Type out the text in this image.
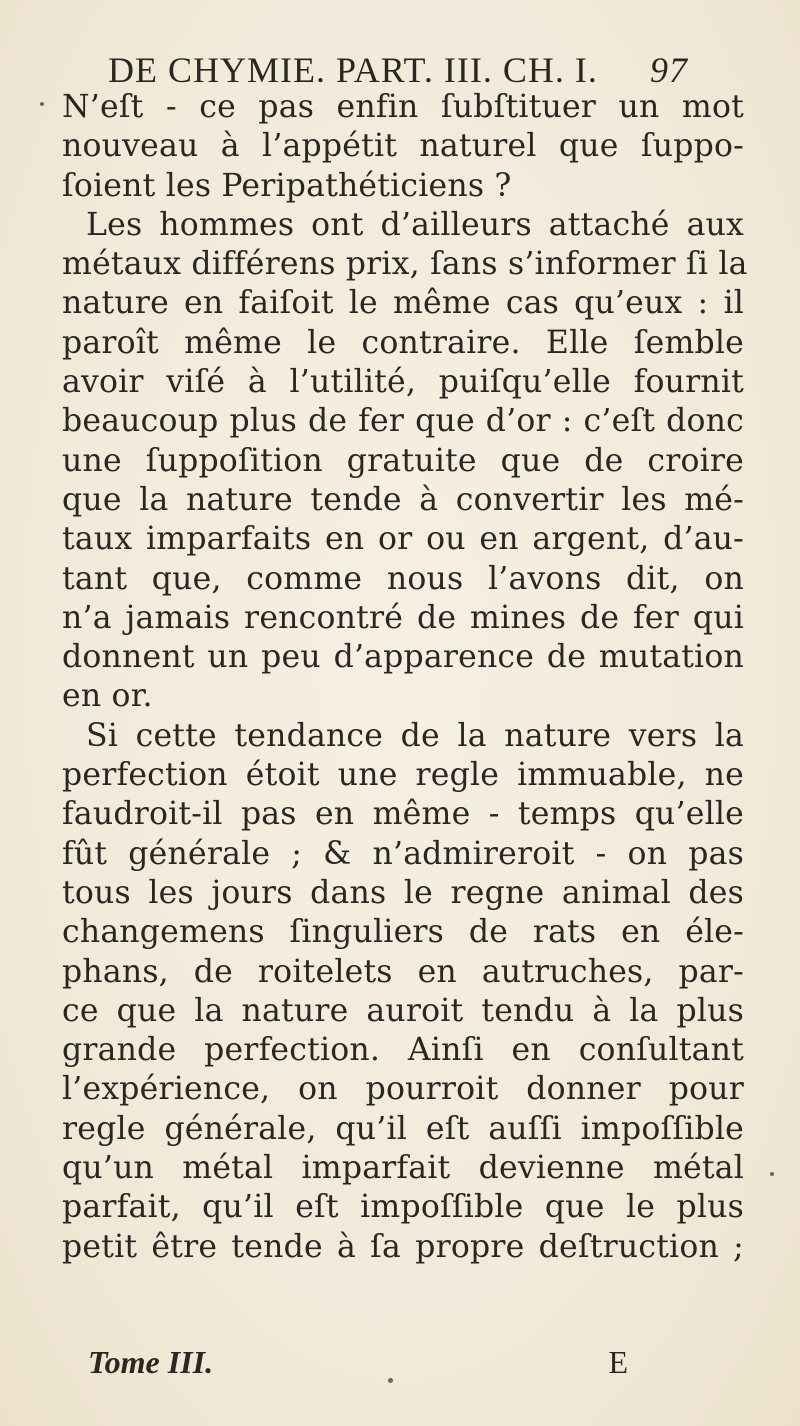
DE CHYMIE. PART. III. CH. I. 97
N’eſt - ce pas enfin ſubſtituer un mot
nouveau à l’appétit naturel que ſuppo-
ſoient les Peripathéticiens ?
Les hommes ont d’ailleurs attaché aux
métaux différens prix, ſans s’informer ſi la
nature en faiſoit le même cas qu’eux : il
paroît même le contraire. Elle ſemble
avoir viſé à l’utilité, puiſqu’elle fournit
beaucoup plus de fer que d’or : c’eſt donc
une ſuppoſition gratuite que de croire
que la nature tende à convertir les mé-
taux imparfaits en or ou en argent, d’au-
tant que, comme nous l’avons dit, on
n’a jamais rencontré de mines de fer qui
donnent un peu d’apparence de mutation
en or.
Si cette tendance de la nature vers la
perfection étoit une regle immuable, ne
faudroit-il pas en même - temps qu’elle
fût générale ; & n’admireroit - on pas
tous les jours dans le regne animal des
changemens ſinguliers de rats en éle-
phans, de roitelets en autruches, par-
ce que la nature auroit tendu à la plus
grande perfection. Ainſi en conſultant
l’expérience, on pourroit donner pour
regle générale, qu’il eſt auſſi impoſſible
qu’un métal imparfait devienne métal
parfait, qu’il eſt impoſſible que le plus
petit être tende à ſa propre deſtruction ;
Tome III.	E
